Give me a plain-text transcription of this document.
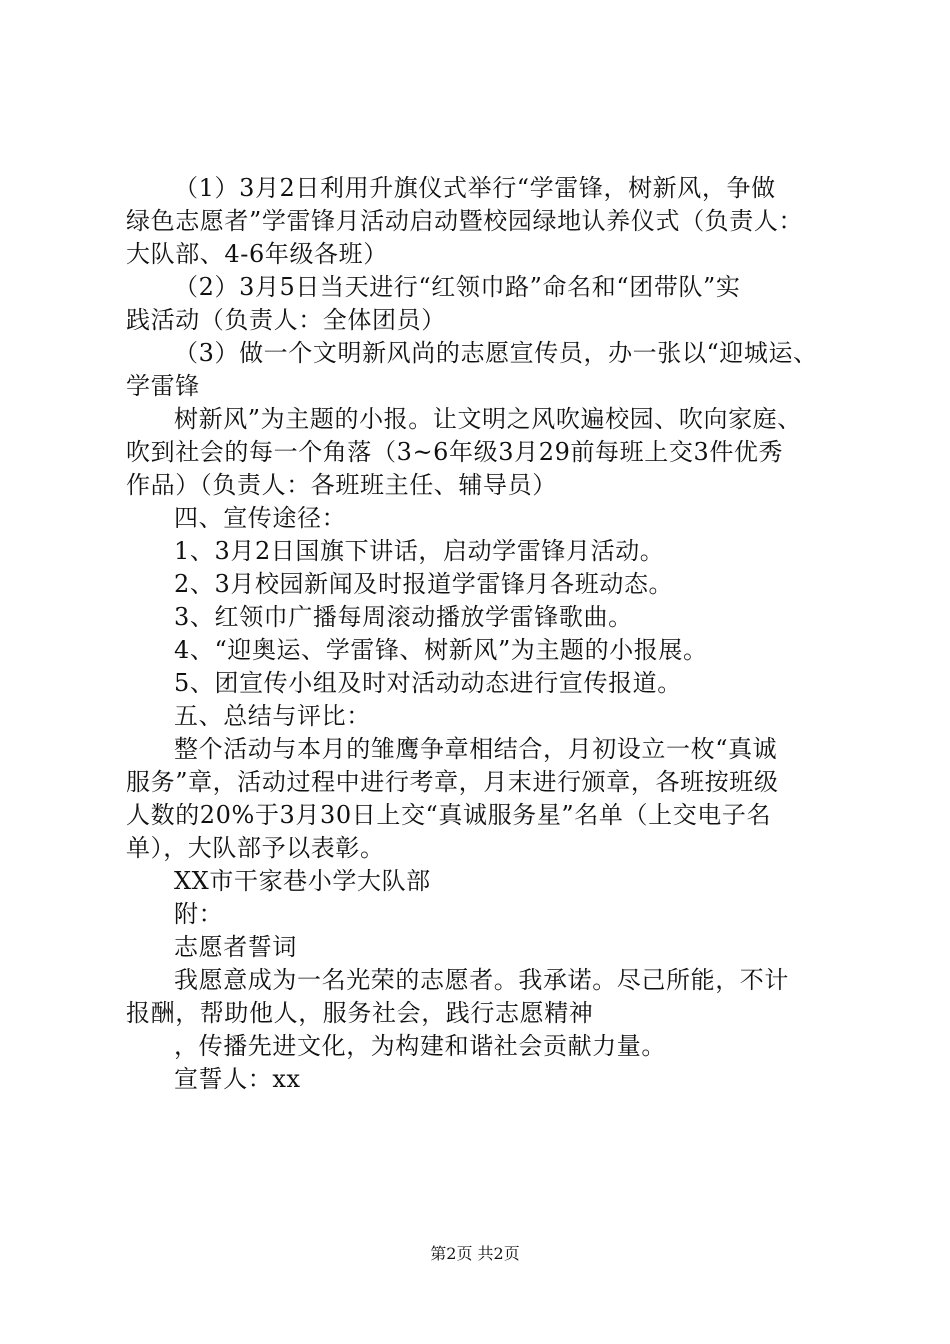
（1）3月2日利用升旗仪式举行“学雷锋，树新风，争做
绿色志愿者”学雷锋月活动启动暨校园绿地认养仪式（负责人：
大队部、4-6年级各班）
（2）3月5日当天进行“红领巾路”命名和“团带队”实
践活动（负责人：全体团员）
（3）做一个文明新风尚的志愿宣传员，办一张以“迎城运、
学雷锋
树新风”为主题的小报。让文明之风吹遍校园、吹向家庭、
吹到社会的每一个角落（3~6年级3月29前每班上交3件优秀
作品）（负责人：各班班主任、辅导员）
四、宣传途径：
1、3月2日国旗下讲话，启动学雷锋月活动。
2、3月校园新闻及时报道学雷锋月各班动态。
3、红领巾广播每周滚动播放学雷锋歌曲。
4、“迎奥运、学雷锋、树新风”为主题的小报展。
5、团宣传小组及时对活动动态进行宣传报道。
五、总结与评比：
整个活动与本月的雏鹰争章相结合，月初设立一枚“真诚
服务”章，活动过程中进行考章，月末进行颁章，各班按班级
人数的20%于3月30日上交“真诚服务星”名单（上交电子名
单），大队部予以表彰。
XX市干家巷小学大队部
附：
志愿者誓词
我愿意成为一名光荣的志愿者。我承诺。尽己所能，不计
报酬，帮助他人，服务社会，践行志愿精神
，传播先进文化，为构建和谐社会贡献力量。
宣誓人：xx
第2页 共2页
